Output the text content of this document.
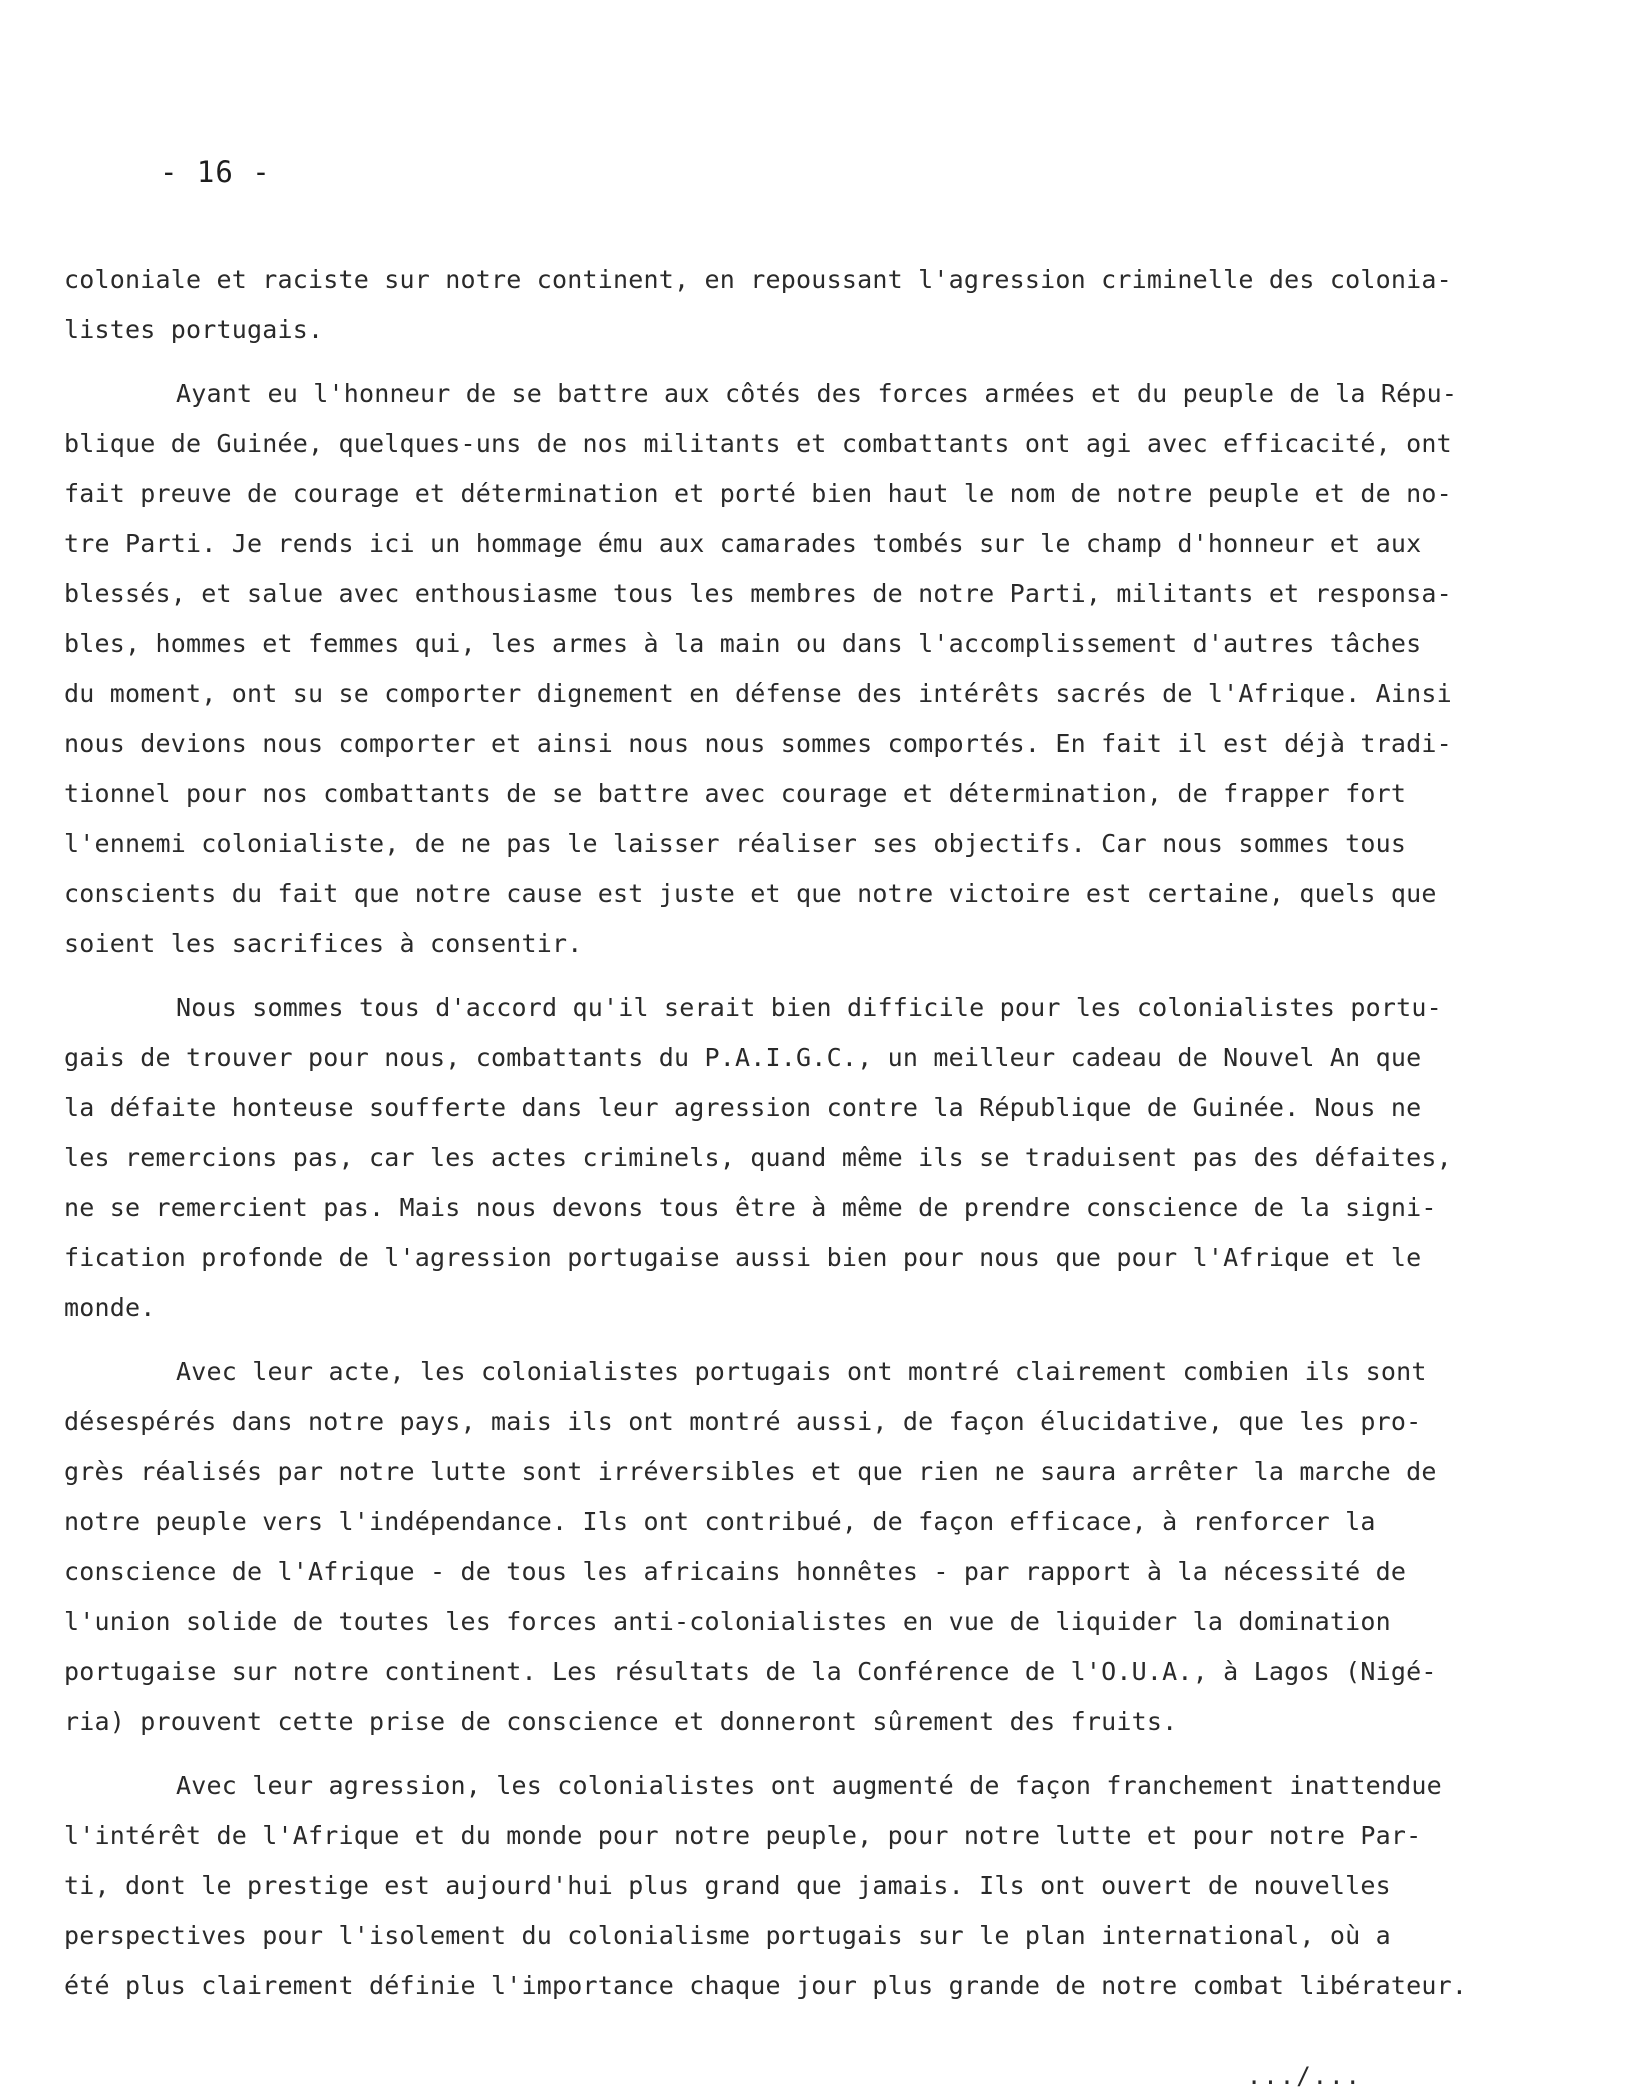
- 16 -
coloniale et raciste sur notre continent, en repoussant l'agression criminelle des colonia-
listes portugais.
Ayant eu l'honneur de se battre aux côtés des forces armées et du peuple de la Répu-
blique de Guinée, quelques-uns de nos militants et combattants ont agi avec efficacité, ont
fait preuve de courage et détermination et porté bien haut le nom de notre peuple et de no-
tre Parti. Je rends ici un hommage ému aux camarades tombés sur le champ d'honneur et aux
blessés, et salue avec enthousiasme tous les membres de notre Parti, militants et responsa-
bles, hommes et femmes qui, les armes à la main ou dans l'accomplissement d'autres tâches
du moment, ont su se comporter dignement en défense des intérêts sacrés de l'Afrique. Ainsi
nous devions nous comporter et ainsi nous nous sommes comportés. En fait il est déjà tradi-
tionnel pour nos combattants de se battre avec courage et détermination, de frapper fort
l'ennemi colonialiste, de ne pas le laisser réaliser ses objectifs. Car nous sommes tous
conscients du fait que notre cause est juste et que notre victoire est certaine, quels que
soient les sacrifices à consentir.
Nous sommes tous d'accord qu'il serait bien difficile pour les colonialistes portu-
gais de trouver pour nous, combattants du P.A.I.G.C., un meilleur cadeau de Nouvel An que
la défaite honteuse soufferte dans leur agression contre la République de Guinée. Nous ne
les remercions pas, car les actes criminels, quand même ils se traduisent pas des défaites,
ne se remercient pas. Mais nous devons tous être à même de prendre conscience de la signi-
fication profonde de l'agression portugaise aussi bien pour nous que pour l'Afrique et le
monde.
Avec leur acte, les colonialistes portugais ont montré clairement combien ils sont
désespérés dans notre pays, mais ils ont montré aussi, de façon élucidative, que les pro-
grès réalisés par notre lutte sont irréversibles et que rien ne saura arrêter la marche de
notre peuple vers l'indépendance. Ils ont contribué, de façon efficace, à renforcer la
conscience de l'Afrique - de tous les africains honnêtes - par rapport à la nécessité de
l'union solide de toutes les forces anti-colonialistes en vue de liquider la domination
portugaise sur notre continent. Les résultats de la Conférence de l'O.U.A., à Lagos (Nigé-
ria) prouvent cette prise de conscience et donneront sûrement des fruits.
Avec leur agression, les colonialistes ont augmenté de façon franchement inattendue
l'intérêt de l'Afrique et du monde pour notre peuple, pour notre lutte et pour notre Par-
ti, dont le prestige est aujourd'hui plus grand que jamais. Ils ont ouvert de nouvelles
perspectives pour l'isolement du colonialisme portugais sur le plan international, où a
été plus clairement définie l'importance chaque jour plus grande de notre combat libérateur.
.../...
